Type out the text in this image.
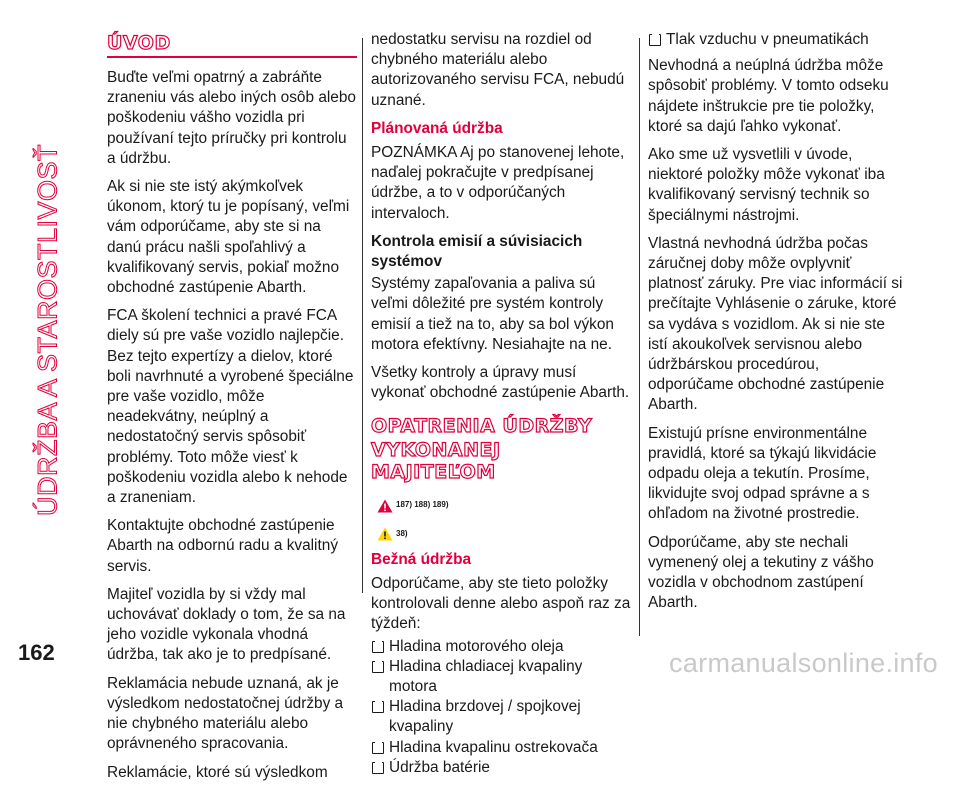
ÚDRŽBA A STAROSTLIVOSŤ
162	carmanualsonline.info
ÚVOD

Buďte veľmi opatrný a zabráňte zraneniu vás alebo iných osôb alebo poškodeniu vášho vozidla pri používaní tejto príručky pri kontrolu a údržbu.

Ak si nie ste istý akýmkoľvek úkonom, ktorý tu je popísaný, veľmi vám odporúčame, aby ste si na danú prácu našli spoľahlivý a kvalifikovaný servis, pokiaľ možno obchodné zastúpenie Abarth.

FCA školení technici a pravé FCA diely sú pre vaše vozidlo najlepčie. Bez tejto expertízy a dielov, ktoré boli navrhnuté a vyrobené špeciálne pre vaše vozidlo, môže neadekvátny, neúplný a nedostatočný servis spôsobiť problémy. Toto môže viesť k poškodeniu vozidla alebo k nehode a zraneniam.

Kontaktujte obchodné zastúpenie Abarth na odbornú radu a kvalitný servis.

Majiteľ vozidla by si vždy mal uchovávať doklady o tom, že sa na jeho vozidle vykonala vhodná údržba, tak ako je to predpísané.

Reklamácia nebude uznaná, ak je výsledkom nedostatočnej údržby a nie chybného materiálu alebo oprávneného spracovania.

Reklamácie, ktoré sú výsledkom

nedostatku servisu na rozdiel od chybného materiálu alebo autorizovaného servisu FCA, nebudú uznané.

Plánovaná údržba

POZNÁMKA Aj po stanovenej lehote, naďalej pokračujte v predpísanej údržbe, a to v odporúčaných intervaloch.

Kontrola emisií a súvisiacich systémov

Systémy zapaľovania a paliva sú veľmi dôležité pre systém kontroly emisií a tiež na to, aby sa bol výkon motora efektívny. Nesiahajte na ne.

Všetky kontroly a úpravy musí vykonať obchodné zastúpenie Abarth.

OPATRENIA ÚDRŽBY
VYKONANEJ MAJITEĽOM
187) 188) 189)
38)
Bežná údržba

Odporúčame, aby ste tieto položky kontrolovali denne alebo aspoň raz za týždeň:

Hladina motorového oleja
Hladina chladiacej kvapaliny motora
Hladina brzdovej / spojkovej kvapaliny
Hladina kvapalinu ostrekovača
Údržba batérie
Tlak vzduchu v pneumatikách

Nevhodná a neúplná údržba môže spôsobiť problémy. V tomto odseku nájdete inštrukcie pre tie položky, ktoré sa dajú ľahko vykonať.

Ako sme už vysvetlili v úvode, niektoré položky môže vykonať iba kvalifikovaný servisný technik so špeciálnymi nástrojmi.

Vlastná nevhodná údržba počas záručnej doby môže ovplyvniť platnosť záruky. Pre viac informácií si prečítajte Vyhlásenie o záruke, ktoré sa vydáva s vozidlom. Ak si nie ste istí akoukoľvek servisnou alebo údržbárskou procedúrou, odporúčame obchodné zastúpenie Abarth.

Existujú prísne environmentálne pravidlá, ktoré sa týkajú likvidácie odpadu oleja a tekutín. Prosíme, likvidujte svoj odpad správne a s ohľadom na životné prostredie.

Odporúčame, aby ste nechali vymenený olej a tekutiny z vášho vozidla v obchodnom zastúpení Abarth.
